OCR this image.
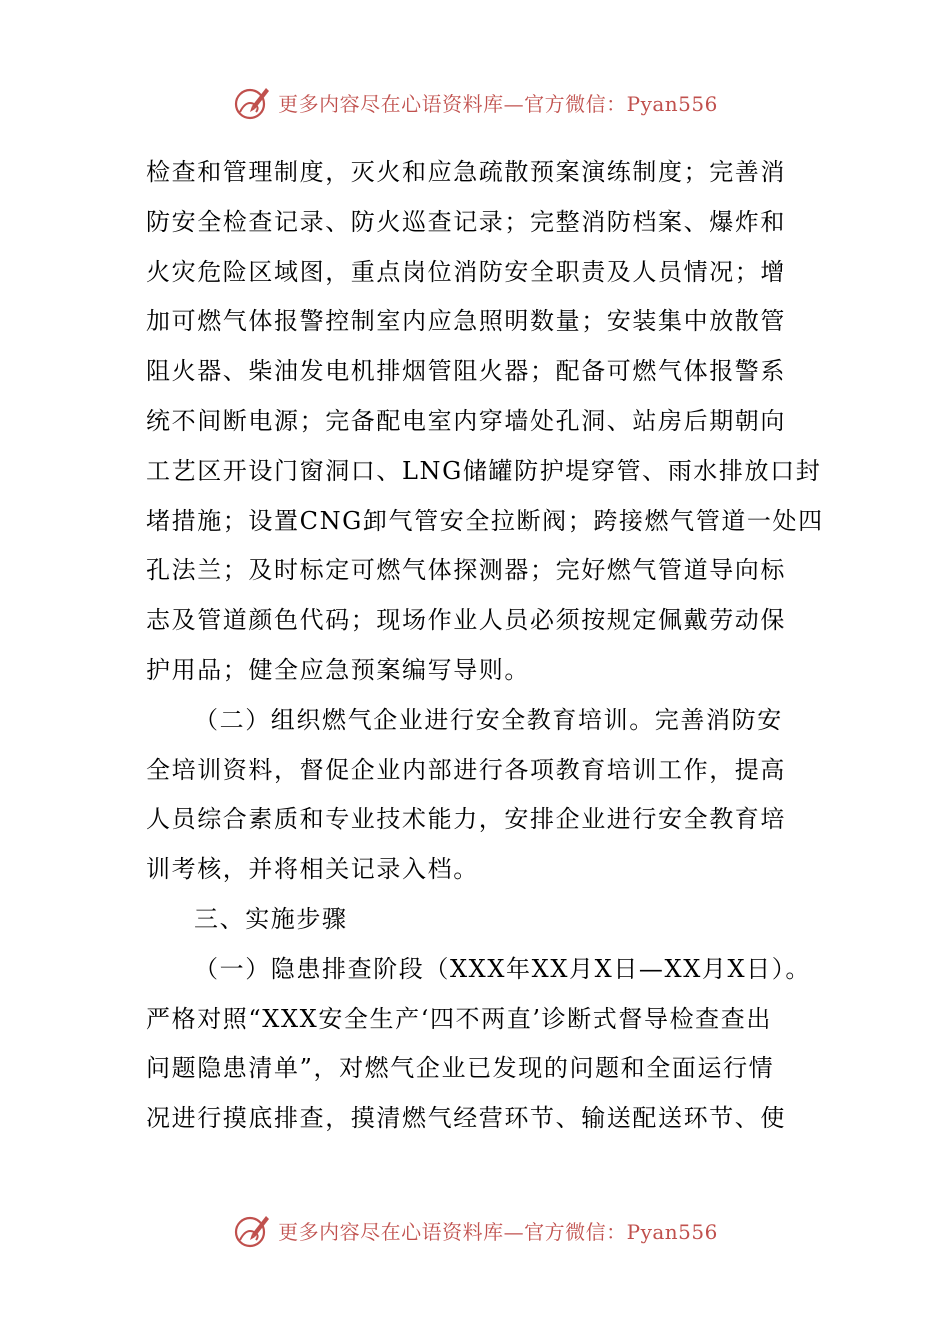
更多内容尽在心语资料库—官方微信：Pyan556
检查和管理制度，灭火和应急疏散预案演练制度；完善消
防安全检查记录、防火巡查记录；完整消防档案、爆炸和
火灾危险区域图，重点岗位消防安全职责及人员情况；增
加可燃气体报警控制室内应急照明数量；安装集中放散管
阻火器、柴油发电机排烟管阻火器；配备可燃气体报警系
统不间断电源；完备配电室内穿墙处孔洞、站房后期朝向
工艺区开设门窗洞口、LNG储罐防护堤穿管、雨水排放口封
堵措施；设置CNG卸气管安全拉断阀；跨接燃气管道一处四
孔法兰；及时标定可燃气体探测器；完好燃气管道导向标
志及管道颜色代码；现场作业人员必须按规定佩戴劳动保
护用品；健全应急预案编写导则。
（二）组织燃气企业进行安全教育培训。完善消防安
全培训资料，督促企业内部进行各项教育培训工作，提高
人员综合素质和专业技术能力，安排企业进行安全教育培
训考核，并将相关记录入档。
三、实施步骤
（一）隐患排查阶段（XXX年XX月X日—XX月X日）。
严格对照“XXX安全生产‘四不两直’诊断式督导检查查出
问题隐患清单”，对燃气企业已发现的问题和全面运行情
况进行摸底排查，摸清燃气经营环节、输送配送环节、使
更多内容尽在心语资料库—官方微信：Pyan556
